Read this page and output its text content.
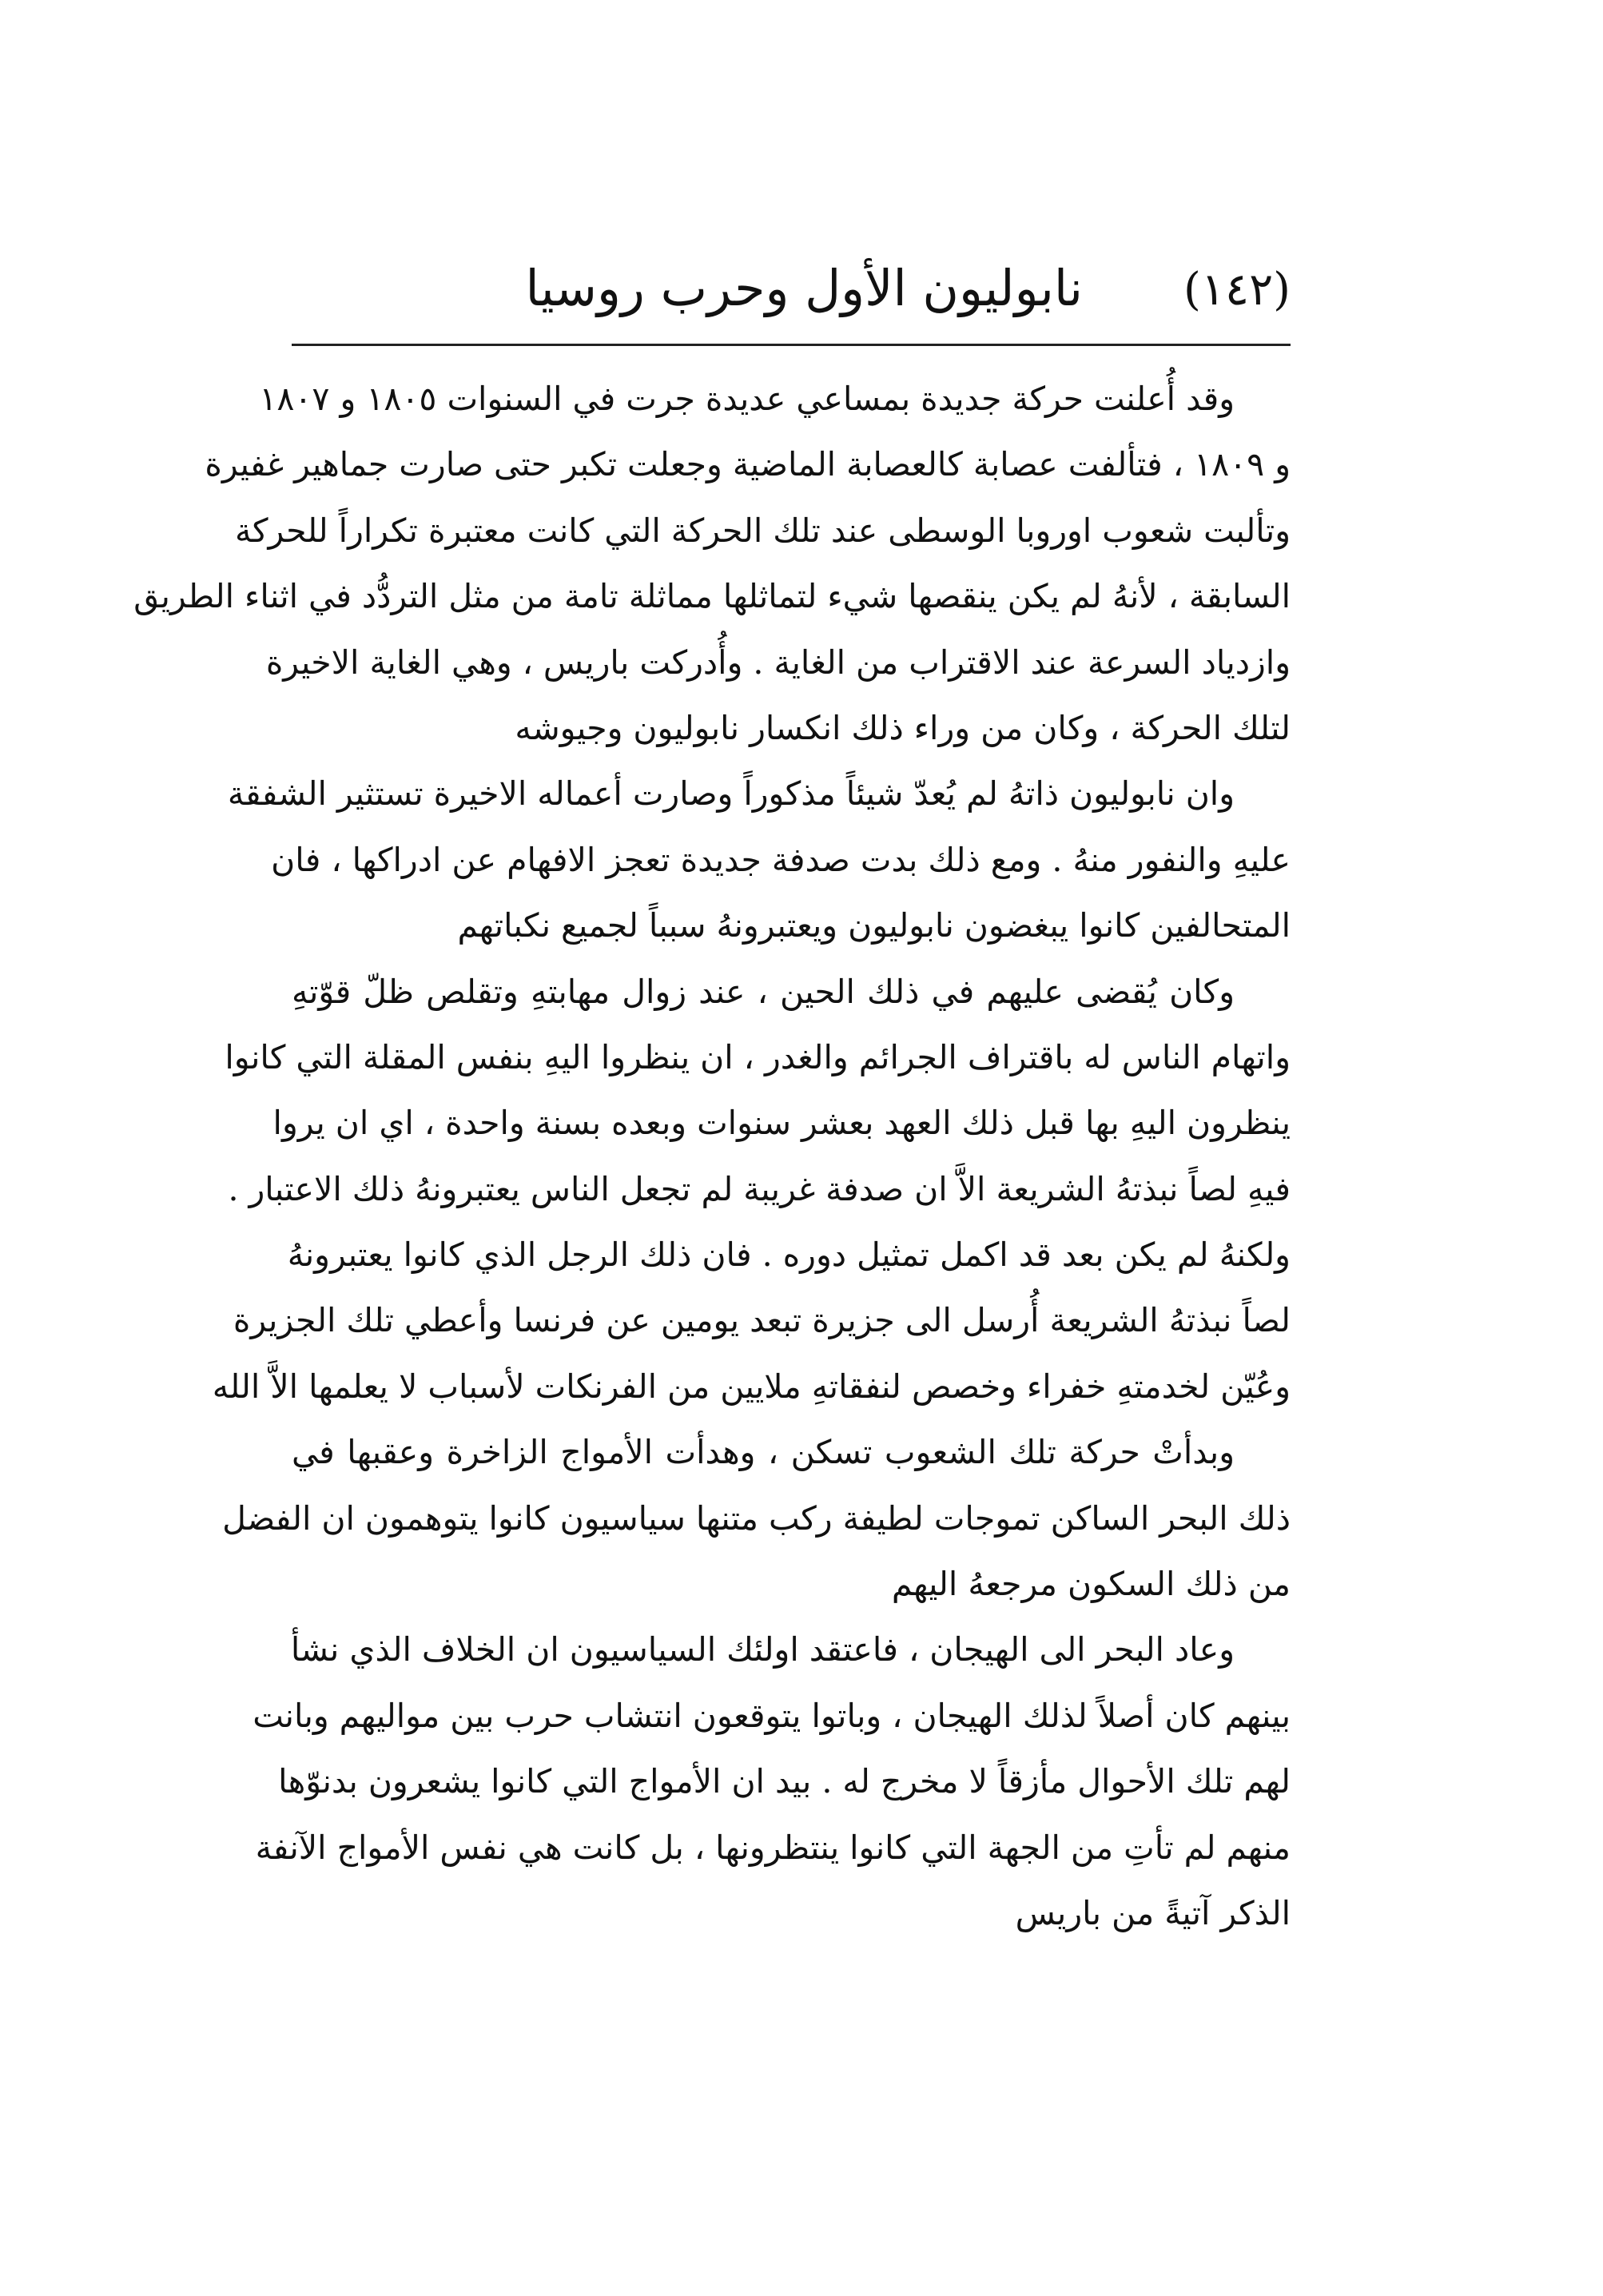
(١٤٢)
نابوليون الأول وحرب روسيا
وقد أُعلنت حركة جديدة بمساعي عديدة جرت في السنوات ١٨٠٥ و ١٨٠٧
و ١٨٠٩ ، فتألفت عصابة كالعصابة الماضية وجعلت تكبر حتى صارت جماهير غفيرة
وتألبت شعوب اوروبا الوسطى عند تلك الحركة التي كانت معتبرة تكراراً للحركة
السابقة ، لأنهُ لم يكن ينقصها شيء لتماثلها مماثلة تامة من مثل التردُّد في اثناء الطريق
وازدياد السرعة عند الاقتراب من الغاية . وأُدركت باريس ، وهي الغاية الاخيرة
لتلك الحركة ، وكان من وراء ذلك انكسار نابوليون وجيوشه
وان نابوليون ذاتهُ لم يُعدّ شيئاً مذكوراً وصارت أعماله الاخيرة تستثير الشفقة
عليهِ والنفور منهُ . ومع ذلك بدت صدفة جديدة تعجز الافهام عن ادراكها ، فان
المتحالفين كانوا يبغضون نابوليون ويعتبرونهُ سبباً لجميع نكباتهم
وكان يُقضى عليهم في ذلك الحين ، عند زوال مهابتهِ وتقلص ظلّ قوّتهِ
واتهام الناس له باقتراف الجرائم والغدر ، ان ينظروا اليهِ بنفس المقلة التي كانوا
ينظرون اليهِ بها قبل ذلك العهد بعشر سنوات وبعده بسنة واحدة ، اي ان يروا
فيهِ لصاً نبذتهُ الشريعة الاَّ ان صدفة غريبة لم تجعل الناس يعتبرونهُ ذلك الاعتبار .
ولكنهُ لم يكن بعد قد اكمل تمثيل دوره . فان ذلك الرجل الذي كانوا يعتبرونهُ
لصاً نبذتهُ الشريعة أُرسل الى جزيرة تبعد يومين عن فرنسا وأعطي تلك الجزيرة
وعُيّن لخدمتهِ خفراء وخصص لنفقاتهِ ملايين من الفرنكات لأسباب لا يعلمها الاَّ الله
وبدأتْ حركة تلك الشعوب تسكن ، وهدأت الأمواج الزاخرة وعقبها في
ذلك البحر الساكن تموجات لطيفة ركب متنها سياسيون كانوا يتوهمون ان الفضل
من ذلك السكون مرجعهُ اليهم
وعاد البحر الى الهيجان ، فاعتقد اولئك السياسيون ان الخلاف الذي نشأ
بينهم كان أصلاً لذلك الهيجان ، وباتوا يتوقعون انتشاب حرب بين مواليهم وبانت
لهم تلك الأحوال مأزقاً لا مخرج له . بيد ان الأمواج التي كانوا يشعرون بدنوّها
منهم لم تأتِ من الجهة التي كانوا ينتظرونها ، بل كانت هي نفس الأمواج الآنفة
الذكر آتيةً من باريس
